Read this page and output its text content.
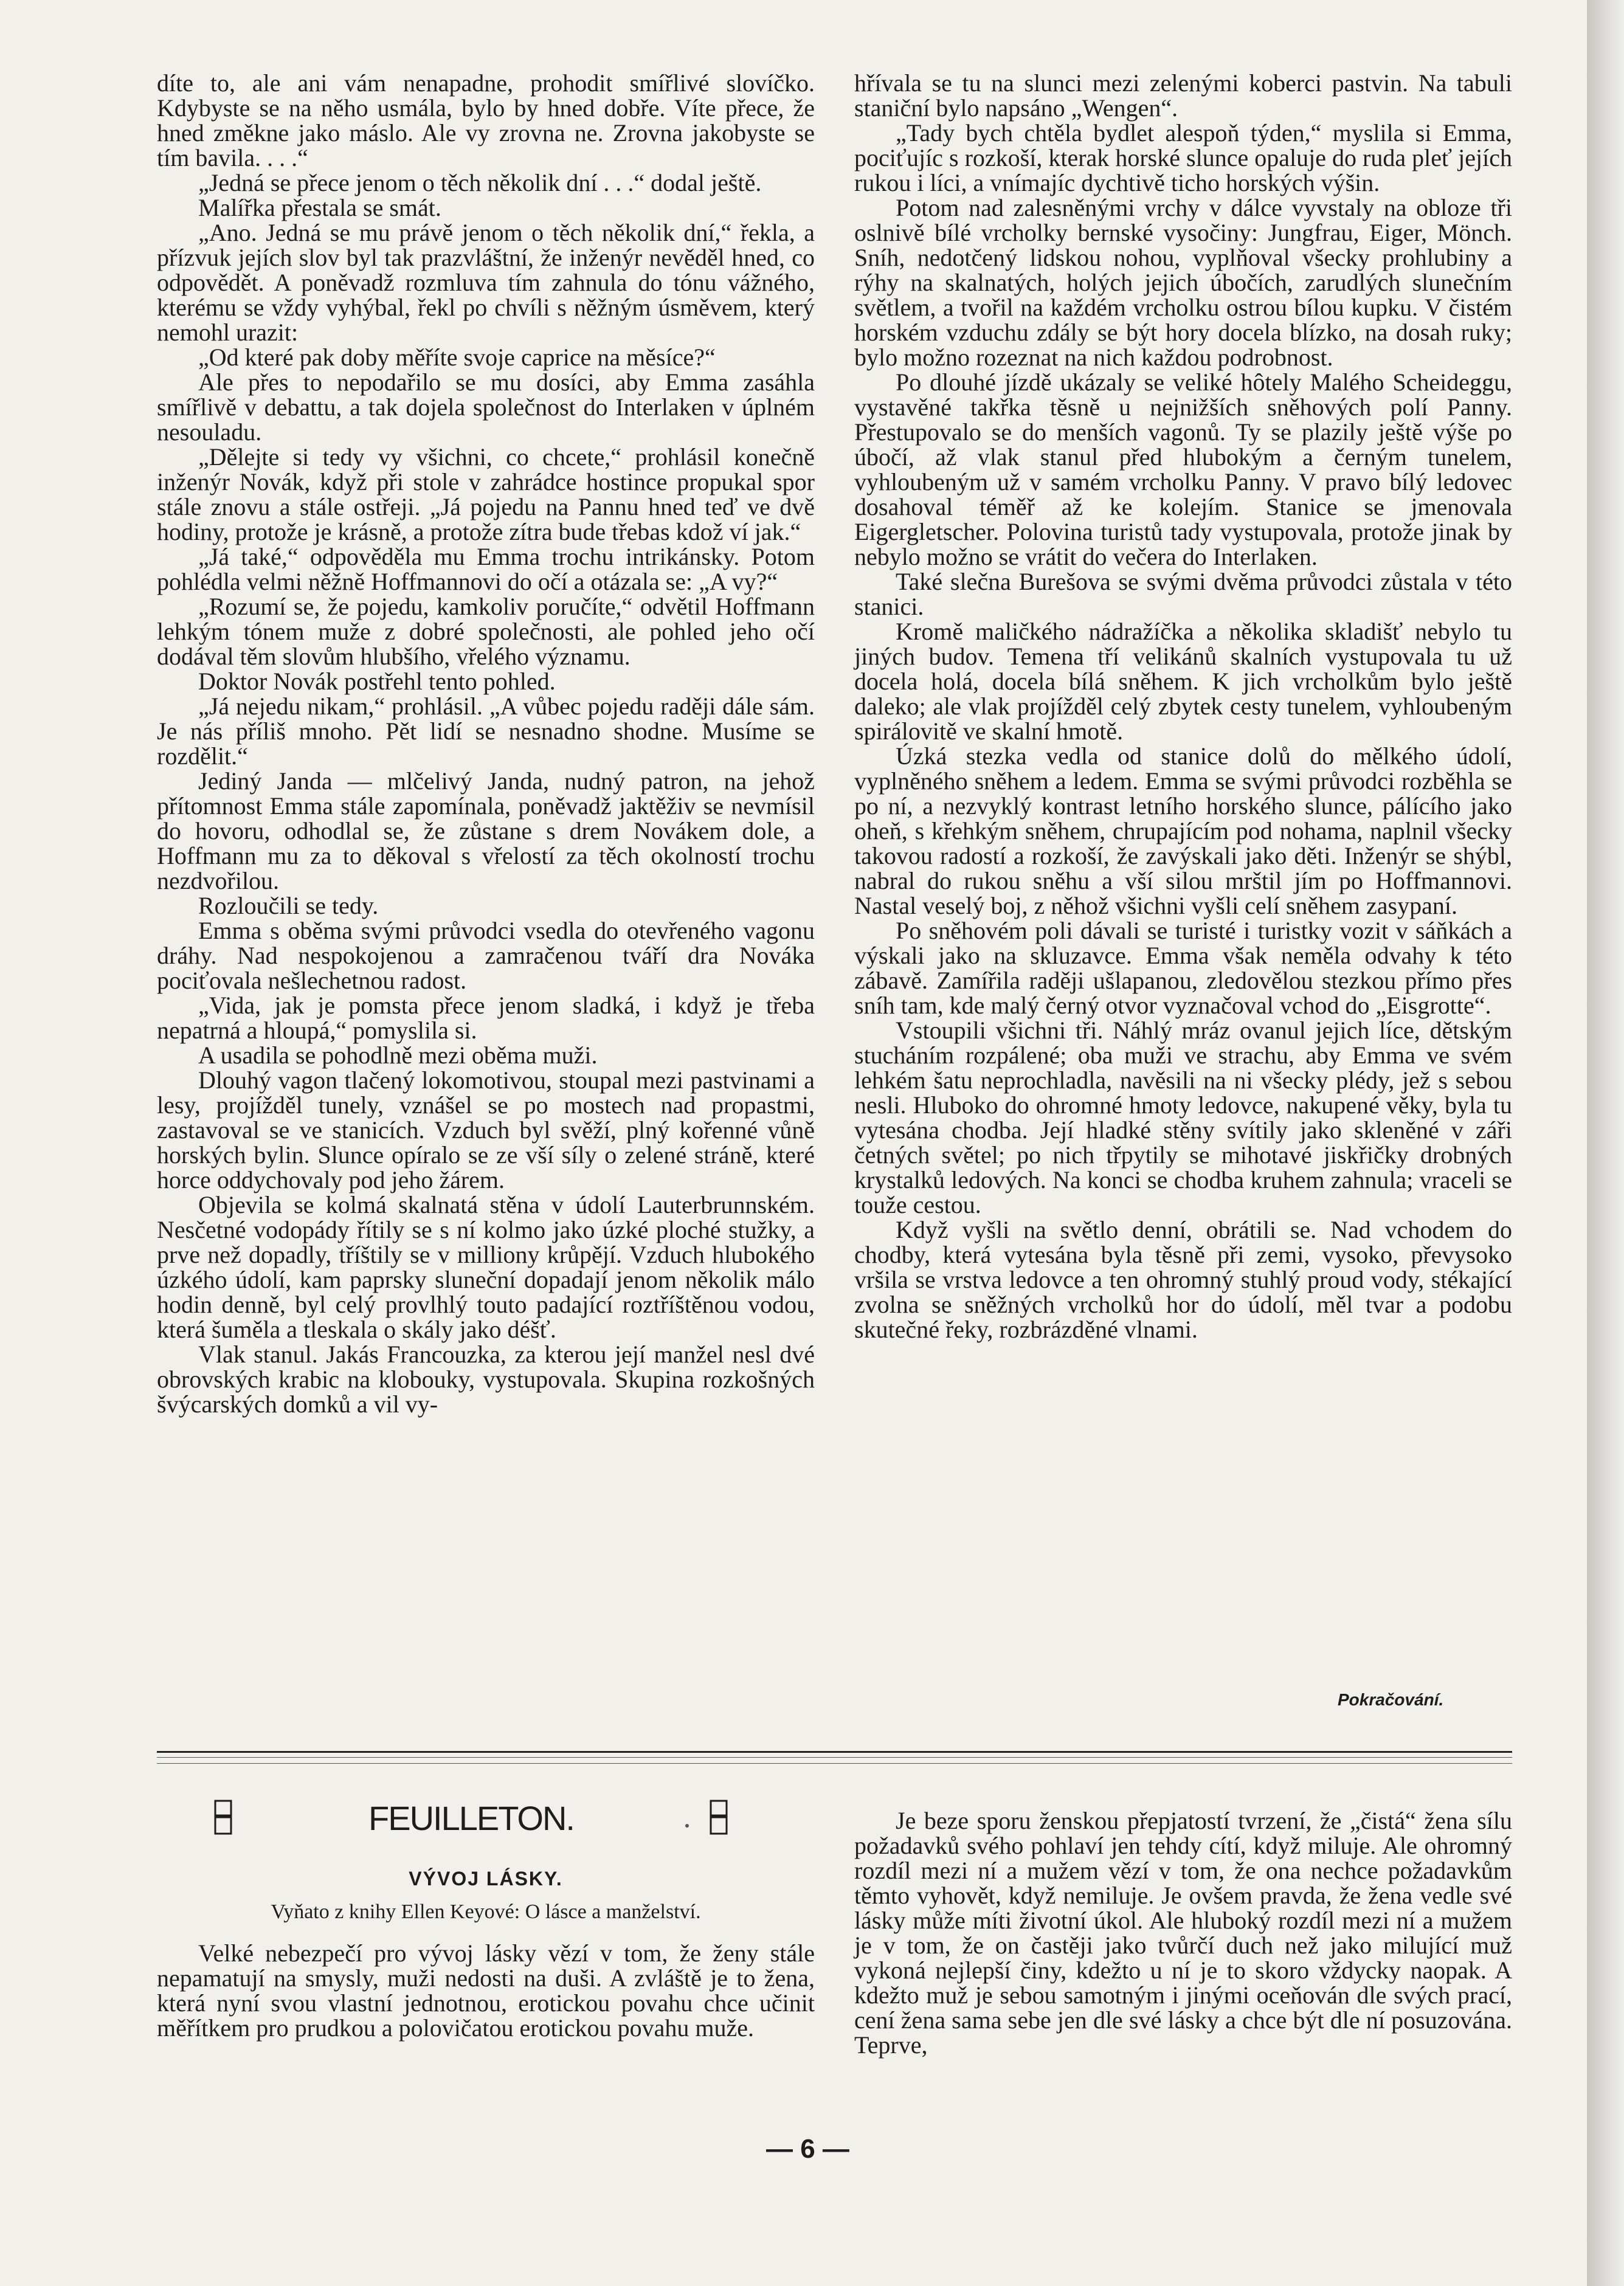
díte to, ale ani vám nenapadne, prohodit smířlivé slovíčko. Kdybyste se na něho usmála, bylo by hned dobře. Víte přece, že hned změkne jako máslo. Ale vy zrovna ne. Zrovna jakobyste se tím bavila. . . .“

„Jedná se přece jenom o těch několik dní . . .“ dodal ještě.

Malířka přestala se smát.

„Ano. Jedná se mu právě jenom o těch několik dní,“ řekla, a přízvuk jejích slov byl tak prazvláštní, že inženýr nevěděl hned, co odpovědět. A poněvadž rozmluva tím zahnula do tónu vážného, kterému se vždy vyhýbal, řekl po chvíli s něžným úsměvem, který nemohl urazit:

„Od které pak doby měříte svoje caprice na měsíce?“

Ale přes to nepodařilo se mu dosíci, aby Emma zasáhla smířlivě v debattu, a tak dojela společnost do Interlaken v úplném nesouladu.

„Dělejte si tedy vy všichni, co chcete,“ prohlásil konečně inženýr Novák, když při stole v zahrádce hostince propukal spor stále znovu a stále ostřeji. „Já pojedu na Pannu hned teď ve dvě hodiny, protože je krásně, a protože zítra bude třebas kdož ví jak.“

„Já také,“ odpověděla mu Emma trochu intrikánsky. Potom pohlédla velmi něžně Hoffmannovi do očí a otázala se: „A vy?“

„Rozumí se, že pojedu, kamkoliv poručíte,“ odvětil Hoffmann lehkým tónem muže z dobré společnosti, ale pohled jeho očí dodával těm slovům hlubšího, vřelého významu.

Doktor Novák postřehl tento pohled.

„Já nejedu nikam,“ prohlásil. „A vůbec pojedu raději dále sám. Je nás příliš mnoho. Pět lidí se nesnadno shodne. Musíme se rozdělit.“

Jediný Janda — mlčelivý Janda, nudný patron, na jehož přítomnost Emma stále zapomínala, poněvadž jaktěživ se nevmísil do hovoru, odhodlal se, že zůstane s drem Novákem dole, a Hoffmann mu za to děkoval s vřelostí za těch okolností trochu nezdvořilou.

Rozloučili se tedy.

Emma s oběma svými průvodci vsedla do otevřeného vagonu dráhy. Nad nespokojenou a zamračenou tváří dra Nováka pociťovala nešlechetnou radost.

„Vida, jak je pomsta přece jenom sladká, i když je třeba nepatrná a hloupá,“ pomyslila si.

A usadila se pohodlně mezi oběma muži.

Dlouhý vagon tlačený lokomotivou, stoupal mezi pastvinami a lesy, projížděl tunely, vznášel se po mostech nad propastmi, zastavoval se ve stanicích. Vzduch byl svěží, plný kořenné vůně horských bylin. Slunce opíralo se ze vší síly o zelené stráně, které horce oddychovaly pod jeho žárem.

Objevila se kolmá skalnatá stěna v údolí Lauterbrunnském. Nesčetné vodopády řítily se s ní kolmo jako úzké ploché stužky, a prve než dopadly, tříštily se v milliony krůpějí. Vzduch hlubokého úzkého údolí, kam paprsky sluneční dopadají jenom několik málo hodin denně, byl celý provlhlý touto padající roztříštěnou vodou, která šuměla a tleskala o skály jako déšť.

Vlak stanul. Jakás Francouzka, za kterou její manžel nesl dvé obrovských krabic na klobouky, vystupovala. Skupina rozkošných švýcarských domků a vil vy-

hřívala se tu na slunci mezi zelenými koberci pastvin. Na tabuli staniční bylo napsáno „Wengen“.

„Tady bych chtěla bydlet alespoň týden,“ myslila si Emma, pociťujíc s rozkoší, kterak horské slunce opaluje do ruda pleť jejích rukou i líci, a vnímajíc dychtivě ticho horských výšin.

Potom nad zalesněnými vrchy v dálce vyvstaly na obloze tři oslnivě bílé vrcholky bernské vysočiny: Jungfrau, Eiger, Mönch. Sníh, nedotčený lidskou nohou, vyplňoval všecky prohlubiny a rýhy na skalnatých, holých jejich úbočích, zarudlých slunečním světlem, a tvořil na každém vrcholku ostrou bílou kupku. V čistém horském vzduchu zdály se být hory docela blízko, na dosah ruky; bylo možno rozeznat na nich každou podrobnost.

Po dlouhé jízdě ukázaly se veliké hôtely Malého Scheideggu, vystavěné takřka těsně u nejnižších sněhových polí Panny. Přestupovalo se do menších vagonů. Ty se plazily ještě výše po úbočí, až vlak stanul před hlubokým a černým tunelem, vyhloubeným už v samém vrcholku Panny. V pravo bílý ledovec dosahoval téměř až ke kolejím. Stanice se jmenovala Eigergletscher. Polovina turistů tady vystupovala, protože jinak by nebylo možno se vrátit do večera do Interlaken.

Také slečna Burešova se svými dvěma průvodci zůstala v této stanici.

Kromě maličkého nádražíčka a několika skladišť nebylo tu jiných budov. Temena tří velikánů skalních vystupovala tu už docela holá, docela bílá sněhem. K jich vrcholkům bylo ještě daleko; ale vlak projížděl celý zbytek cesty tunelem, vyhloubeným spirálovitě ve skalní hmotě.

Úzká stezka vedla od stanice dolů do mělkého údolí, vyplněného sněhem a ledem. Emma se svými průvodci rozběhla se po ní, a nezvyklý kontrast letního horského slunce, pálícího jako oheň, s křehkým sněhem, chrupajícím pod nohama, naplnil všecky takovou radostí a rozkoší, že zavýskali jako děti. Inženýr se shýbl, nabral do rukou sněhu a vší silou mrštil jím po Hoffmannovi. Nastal veselý boj, z něhož všichni vyšli celí sněhem zasypaní.

Po sněhovém poli dávali se turisté i turistky vozit v sáňkách a výskali jako na skluzavce. Emma však neměla odvahy k této zábavě. Zamířila raději ušlapanou, zledovělou stezkou přímo přes sníh tam, kde malý černý otvor vyznačoval vchod do „Eisgrotte“.

Vstoupili všichni tři. Náhlý mráz ovanul jejich líce, dětským stucháním rozpálené; oba muži ve strachu, aby Emma ve svém lehkém šatu neprochladla, navěsili na ni všecky plédy, jež s sebou nesli. Hluboko do ohromné hmoty ledovce, nakupené věky, byla tu vytesána chodba. Její hladké stěny svítily jako skleněné v záři četných světel; po nich třpytily se mihotavé jiskřičky drobných krystalků ledových. Na konci se chodba kruhem zahnula; vraceli se touže cestou.

Když vyšli na světlo denní, obrátili se. Nad vchodem do chodby, která vytesána byla těsně při zemi, vysoko, převysoko vršila se vrstva ledovce a ten ohromný stuhlý proud vody, stékající zvolna se sněžných vrcholků hor do údolí, měl tvar a podobu skutečné řeky, rozbrázděné vlnami.

Pokračování.
FEUILLETON.
VÝVOJ LÁSKY.
Vyňato z knihy Ellen Keyové: O lásce a manželství.

Velké nebezpečí pro vývoj lásky vězí v tom, že ženy stále nepamatují na smysly, muži nedosti na duši. A zvláště je to žena, která nyní svou vlastní jednotnou, erotickou povahu chce učinit měřítkem pro prudkou a polovičatou erotickou povahu muže.

Je beze sporu ženskou přepjatostí tvrzení, že „čistá“ žena sílu požadavků svého pohlaví jen tehdy cítí, když miluje. Ale ohromný rozdíl mezi ní a mužem vězí v tom, že ona nechce požadavkům těmto vyhovět, když nemiluje. Je ovšem pravda, že žena vedle své lásky může míti životní úkol. Ale hluboký rozdíl mezi ní a mužem je v tom, že on častěji jako tvůrčí duch než jako milující muž vykoná nejlepší činy, kdežto u ní je to skoro vždycky naopak. A kdežto muž je sebou samotným i jinými oceňován dle svých prací, cení žena sama sebe jen dle své lásky a chce být dle ní posuzována. Teprve,

— 6 —
